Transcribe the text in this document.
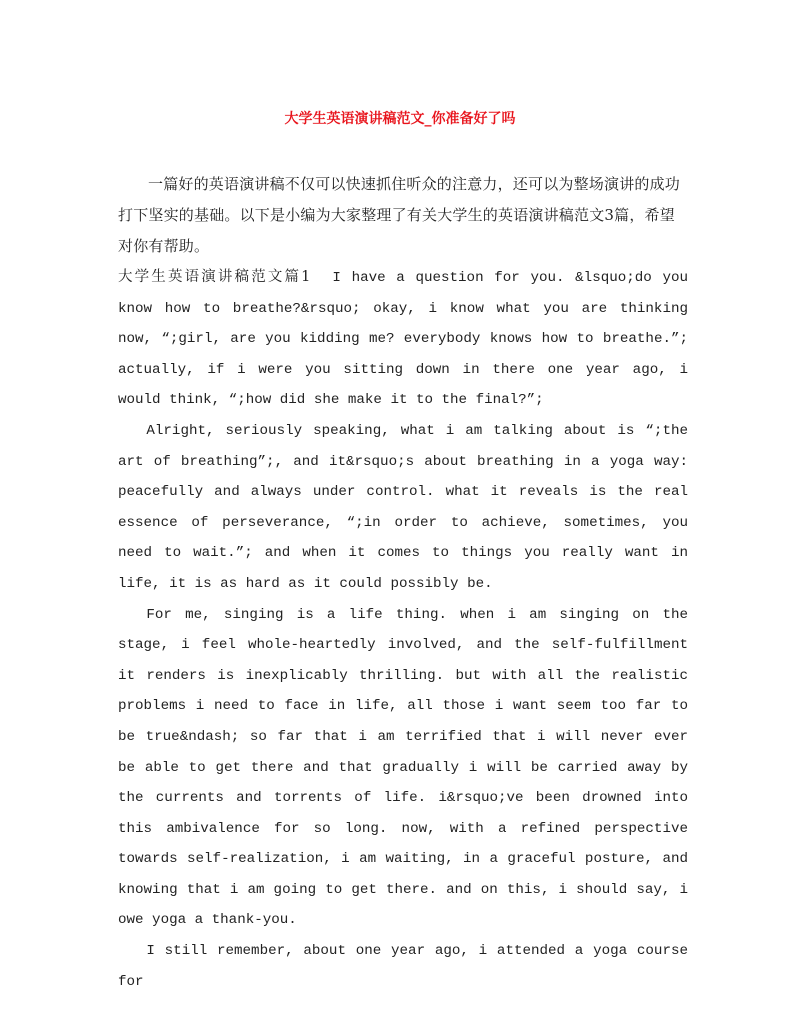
大学生英语演讲稿范文_你准备好了吗

一篇好的英语演讲稿不仅可以快速抓住听众的注意力，还可以为整场演讲的成功打下坚实的基础。以下是小编为大家整理了有关大学生的英语演讲稿范文3篇，希望对你有帮助。

大学生英语演讲稿范文篇1 I have a question for you. &lsquo;do you know how to breathe?&rsquo; okay, i know what you are thinking now, “;girl, are you kidding me? everybody knows how to breathe.”; actually, if i were you sitting down in there one year ago, i would think, “;how did she make it to the final?”;

Alright, seriously speaking, what i am talking about is “;the art of breathing”;, and it&rsquo;s about breathing in a yoga way: peacefully and always under control. what it reveals is the real essence of perseverance, “;in order to achieve, sometimes, you need to wait.”; and when it comes to things you really want in life, it is as hard as it could possibly be.

For me, singing is a life thing. when i am singing on the stage, i feel whole-heartedly involved, and the self-fulfillment it renders is inexplicably thrilling. but with all the realistic problems i need to face in life, all those i want seem too far to be true&ndash; so far that i am terrified that i will never ever be able to get there and that gradually i will be carried away by the currents and torrents of life. i&rsquo;ve been drowned into this ambivalence for so long. now, with a refined perspective towards self-realization, i am waiting, in a graceful posture, and knowing that i am going to get there. and on this, i should say, i owe yoga a thank-you.

I still remember, about one year ago, i attended a yoga course for
